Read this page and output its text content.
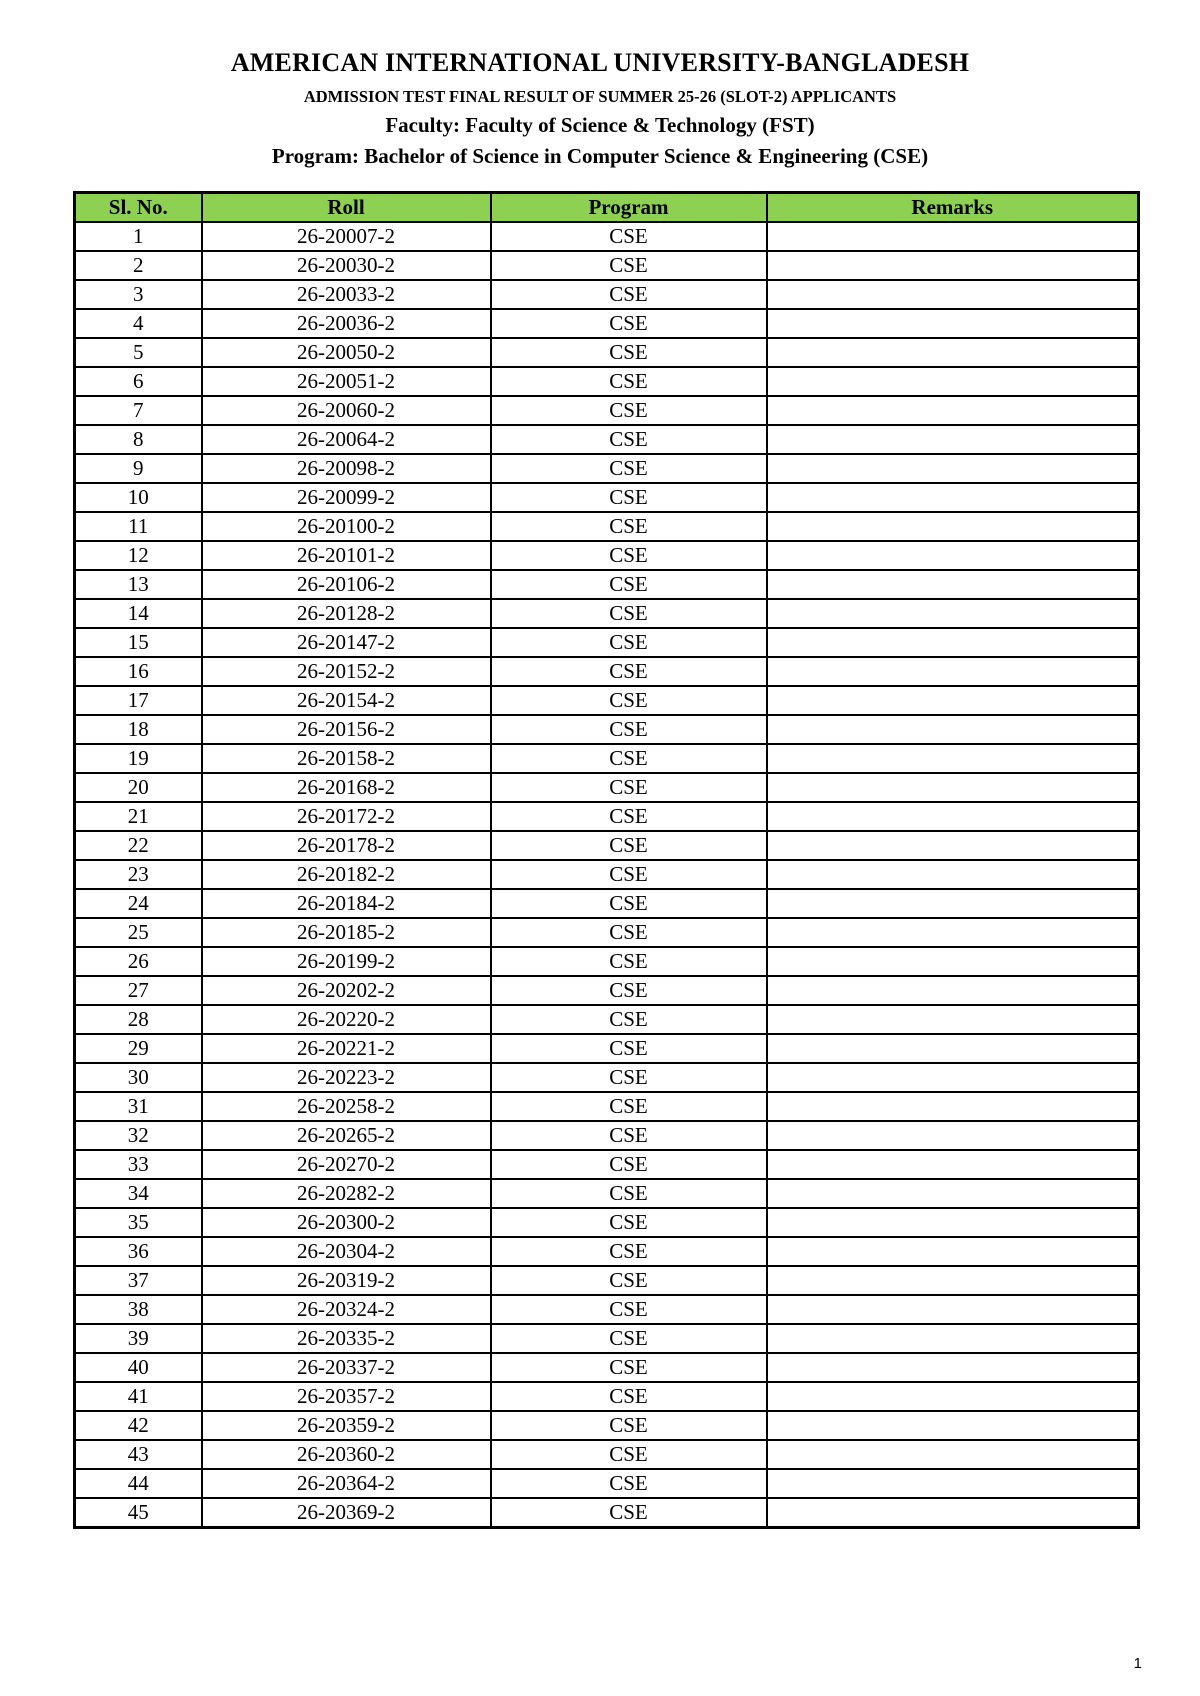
AMERICAN INTERNATIONAL UNIVERSITY-BANGLADESH
ADMISSION TEST FINAL RESULT OF SUMMER 25-26 (SLOT-2) APPLICANTS
Faculty: Faculty of Science & Technology (FST)
Program: Bachelor of Science in Computer Science & Engineering (CSE)
Sl. No.	Roll	Program	Remarks
1	26-20007-2	CSE	
2	26-20030-2	CSE	
3	26-20033-2	CSE	
4	26-20036-2	CSE	
5	26-20050-2	CSE	
6	26-20051-2	CSE	
7	26-20060-2	CSE	
8	26-20064-2	CSE	
9	26-20098-2	CSE	
10	26-20099-2	CSE	
11	26-20100-2	CSE	
12	26-20101-2	CSE	
13	26-20106-2	CSE	
14	26-20128-2	CSE	
15	26-20147-2	CSE	
16	26-20152-2	CSE	
17	26-20154-2	CSE	
18	26-20156-2	CSE	
19	26-20158-2	CSE	
20	26-20168-2	CSE	
21	26-20172-2	CSE	
22	26-20178-2	CSE	
23	26-20182-2	CSE	
24	26-20184-2	CSE	
25	26-20185-2	CSE	
26	26-20199-2	CSE	
27	26-20202-2	CSE	
28	26-20220-2	CSE	
29	26-20221-2	CSE	
30	26-20223-2	CSE	
31	26-20258-2	CSE	
32	26-20265-2	CSE	
33	26-20270-2	CSE	
34	26-20282-2	CSE	
35	26-20300-2	CSE	
36	26-20304-2	CSE	
37	26-20319-2	CSE	
38	26-20324-2	CSE	
39	26-20335-2	CSE	
40	26-20337-2	CSE	
41	26-20357-2	CSE	
42	26-20359-2	CSE	
43	26-20360-2	CSE	
44	26-20364-2	CSE	
45	26-20369-2	CSE	
1
